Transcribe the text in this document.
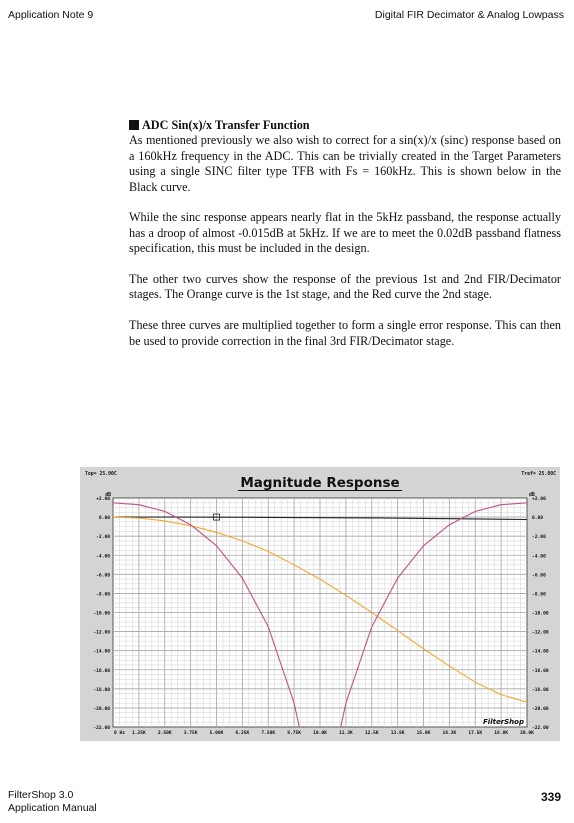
Application Note 9	Digital FIR Decimator & Analog Lowpass

ADC Sin(x)/x Transfer Function
As mentioned previously we also wish to correct for a sin(x)/x (sinc) response based on a 160kHz frequency in the ADC. This can be trivially created in the Target Parameters using a single SINC filter type TFB with Fs = 160kHz. This is shown below in the Black curve.

While the sinc response appears nearly flat in the 5kHz passband, the response actually has a droop of almost -0.015dB at 5kHz. If we are to meet the 0.02dB passband flatness specification, this must be included in the design.

The other two curves show the response of the previous 1st and 2nd FIR/Decimator stages. The Orange curve is the 1st stage, and the Red curve the 2nd stage.

These three curves are multiplied together to form a single error response. This can then be used to provide correction in the final 3rd FIR/Decimator stage.

+2.00	+2.00
0.00	0.00
-2.00	-2.00
-4.00	-4.00
-6.00	-6.00
-8.00	-8.00
-10.00	-10.00
-12.00	-12.00
-14.00	-14.00
-16.00	-16.00
-18.00	-18.00
-20.00	-20.00
-22.00	-22.00
0 Hz 1.25K	2.50K	3.75K	5.00K	6.25K	7.50K	8.75K	10.0K	11.3K	12.5K	13.8K	15.0K	16.3K	17.5K	18.8K	20.0K
Top= 25.00C	Tref= 25.00C
dB	dB
Magnitude Response
FilterShop
FilterShop 3.0
Application Manual
339
